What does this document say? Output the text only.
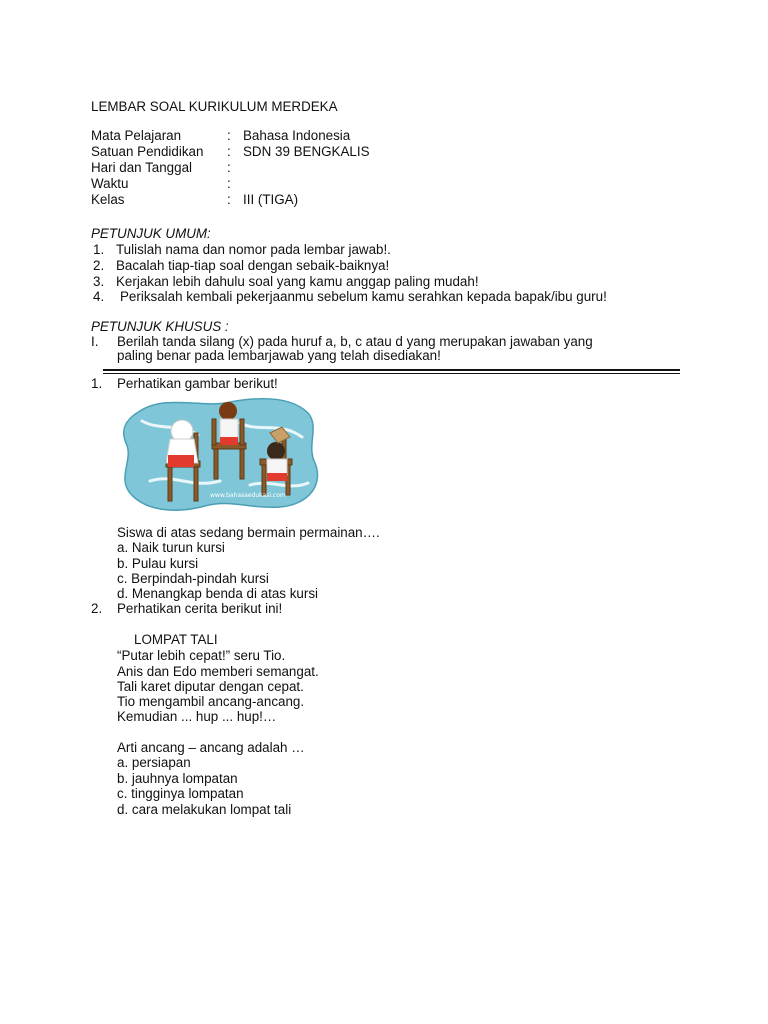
LEMBAR SOAL KURIKULUM MERDEKA
Mata Pelajaran	: Bahasa Indonesia
Satuan Pendidikan : SDN 39 BENGKALIS
Hari dan Tanggal	:
Waktu	:
Kelas	: III (TIGA)
PETUNJUK UMUM:
1. Tulislah nama dan nomor pada lembar jawab!.
2. Bacalah tiap-tiap soal dengan sebaik-baiknya!
3. Kerjakan lebih dahulu soal yang kamu anggap paling mudah!
4. Periksalah kembali pekerjaanmu sebelum kamu serahkan kepada bapak/ibu guru!
PETUNJUK KHUSUS :
I. Berilah tanda silang (x) pada huruf a, b, c atau d yang merupakan jawaban yang
paling benar pada lembarjawab yang telah disediakan!
1. Perhatikan gambar berikut!
www.bahasaedukasi.com
Siswa di atas sedang bermain permainan….
a. Naik turun kursi
b. Pulau kursi
c. Berpindah-pindah kursi
d. Menangkap benda di atas kursi
2. Perhatikan cerita berikut ini!
LOMPAT TALI
“Putar lebih cepat!” seru Tio.
Anis dan Edo memberi semangat.
Tali karet diputar dengan cepat.
Tio mengambil ancang-ancang.
Kemudian ... hup ... hup!…
Arti ancang – ancang adalah …
a. persiapan
b. jauhnya lompatan
c. tingginya lompatan
d. cara melakukan lompat tali
